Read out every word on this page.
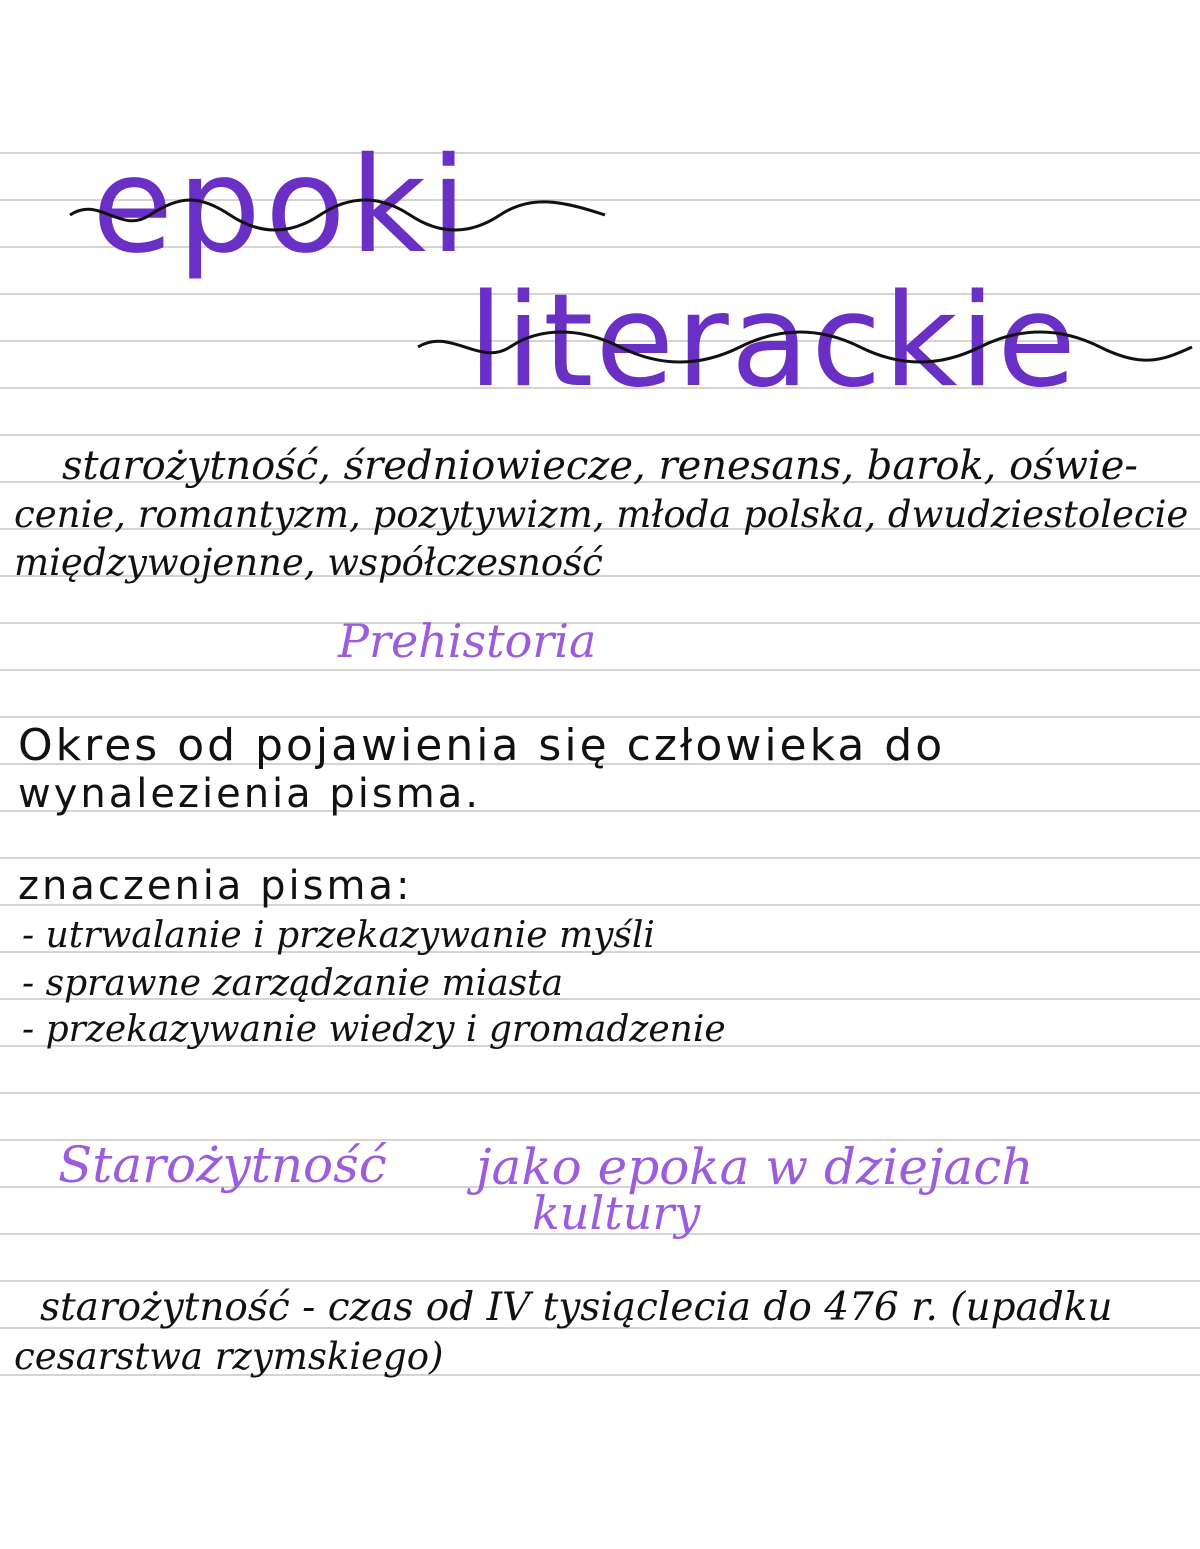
epoki
literackie
starożytność, średniowiecze, renesans, barok, oświe-
cenie, romantyzm, pozytywizm, młoda polska, dwudziestolecie
międzywojenne, współczesność
Prehistoria
Okres od pojawienia się człowieka do
wynalezienia pisma.
znaczenia pisma:
- utrwalanie i przekazywanie myśli
- sprawne zarządzanie miasta
- przekazywanie wiedzy i gromadzenie
Starożytność jako epoka w dziejach
kultury
starożytność - czas od IV tysiąclecia do 476 r. (upadku
cesarstwa rzymskiego)
